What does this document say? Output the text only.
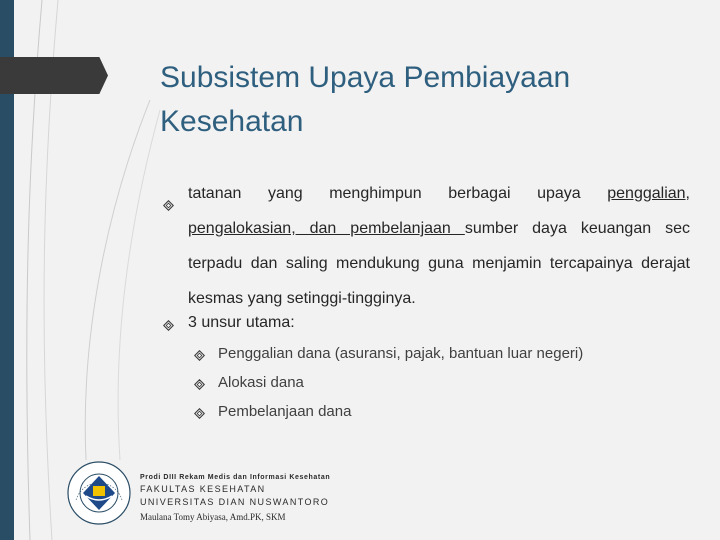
Subsistem Upaya Pembiayaan Kesehatan
tatanan yang menghimpun berbagai upaya penggalian, pengalokasian, dan pembelanjaan sumber daya keuangan sec terpadu dan saling mendukung guna menjamin tercapainya derajat kesmas yang setinggi-tingginya.
3 unsur utama:
Penggalian dana (asuransi, pajak, bantuan luar negeri)
Alokasi dana
Pembelanjaan dana
Prodi DIII Rekam Medis dan Informasi Kesehatan
FAKULTAS KESEHATAN
UNIVERSITAS DIAN NUSWANTORO
Maulana Tomy Abiyasa, Amd.PK, SKM
